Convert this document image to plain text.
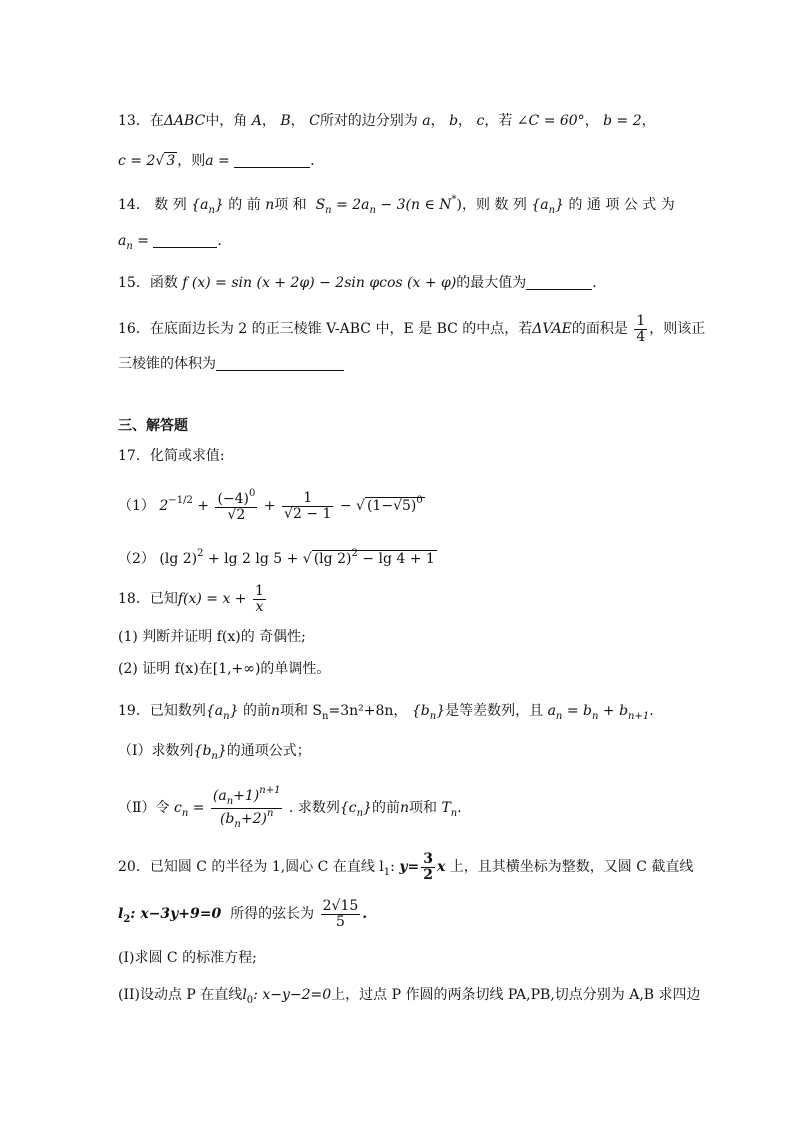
13．在ΔABC中，角 A， B， C所对的边分别为 a， b， c，若 ∠C = 60°， b = 2，
c = 2√ 3 ，则a =	．
14． 数 列 $\{a_n\}$ 的 前 n项 和 $S_n = 2a_n - 3(n$ ∈ N*)，则 数 列 $\{a_n\}$ 的 通 项 公 式 为
$a_n$ =	．
15．函数 f (x) = sin (x + 2φ) − 2sin φcos (x + φ)的最大值为	.
16．在底面边长为 2 的正三棱锥 V-ABC 中，E 是 BC 的中点，若ΔVAE的面积是 $\frac{1}{4}$ ，则该正
三棱锥的体积为
三、解答题
17．化简或求值:
（1） $2^{-1/2} + \frac{(-4)^0}{√2} + \frac{1}{√2 - 1}$ − √ $(1-√5)^0$
（2） (lg 2)$^2$ + lg 2 lg 5 + √ (lg 2)$^2$ − lg 4 + 1
18．已知$f(x) = x + \frac{1}{x}$
(1) 判断并证明 f(x)的 奇偶性;
(2) 证明 f(x)在[1,+∞)的单调性。
19．已知数列$\{a_n\}$ 的前n项和 $S_n=3n^2+8n$， $\{b_n\}$是等差数列，且 $a_n = b_n + b_{n+1}$.
（Ⅰ）求数列$\{b_n\}$的通项公式；
（Ⅱ）令 $c_n = \frac{(a_n+1)^{n+1}}{(b_n+2)^n}$ . 求数列$\{c_n\}$的前n项和 $T_n$.
20．已知圆 C 的半径为 1,圆心 C 在直线 $l_1$: $y= \frac{3}{2}$ x 上，且其横坐标为整数，又圆 C 截直线
$l_2$: x−3y+9=0 所得的弦长为 $\frac{2√15}{5}$ .
(Ⅰ)求圆 C 的标准方程;
(II)设动点 P 在直线$l_0$: x−y−2=0上，过点 P 作圆的两条切线 PA,PB,切点分别为 A,B 求四边
